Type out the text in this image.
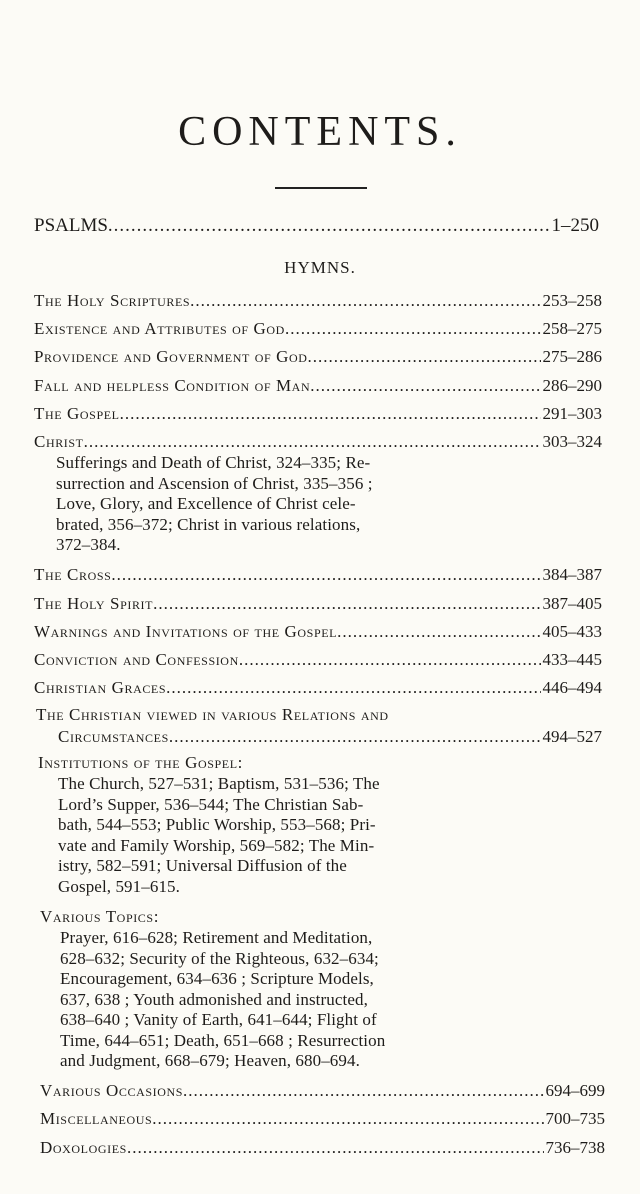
CONTENTS.
PSALMS .....	1–250
HYMNS.
The Holy Scriptures .....	253–258
Existence and Attributes of God .....	258–275
Providence and Government of God .....	275–286
Fall and helpless Condition of Man .....	286–290
The Gospel .....	291–303
Christ .....	303–324
Sufferings and Death of Christ, 324–335; Re-
surrection and Ascension of Christ, 335–356 ;
Love, Glory, and Excellence of Christ cele-
brated, 356–372; Christ in various relations,
372–384.
The Cross .....	384–387
The Holy Spirit .....	387–405
Warnings and Invitations of the Gospel .....	405–433
Conviction and Confession .....	433–445
Christian Graces .....	446–494
The Christian viewed in various Relations and
Circumstances .....	494–527
Institutions of the Gospel:
The Church, 527–531; Baptism, 531–536; The
Lord’s Supper, 536–544; The Christian Sab-
bath, 544–553; Public Worship, 553–568; Pri-
vate and Family Worship, 569–582; The Min-
istry, 582–591; Universal Diffusion of the
Gospel, 591–615.
Various Topics:
Prayer, 616–628; Retirement and Meditation,
628–632; Security of the Righteous, 632–634;
Encouragement, 634–636 ; Scripture Models,
637, 638 ; Youth admonished and instructed,
638–640 ; Vanity of Earth, 641–644; Flight of
Time, 644–651; Death, 651–668 ; Resurrection
and Judgment, 668–679; Heaven, 680–694.
Various Occasions .....	694–699
Miscellaneous .....	700–735
Doxologies .....	736–738
